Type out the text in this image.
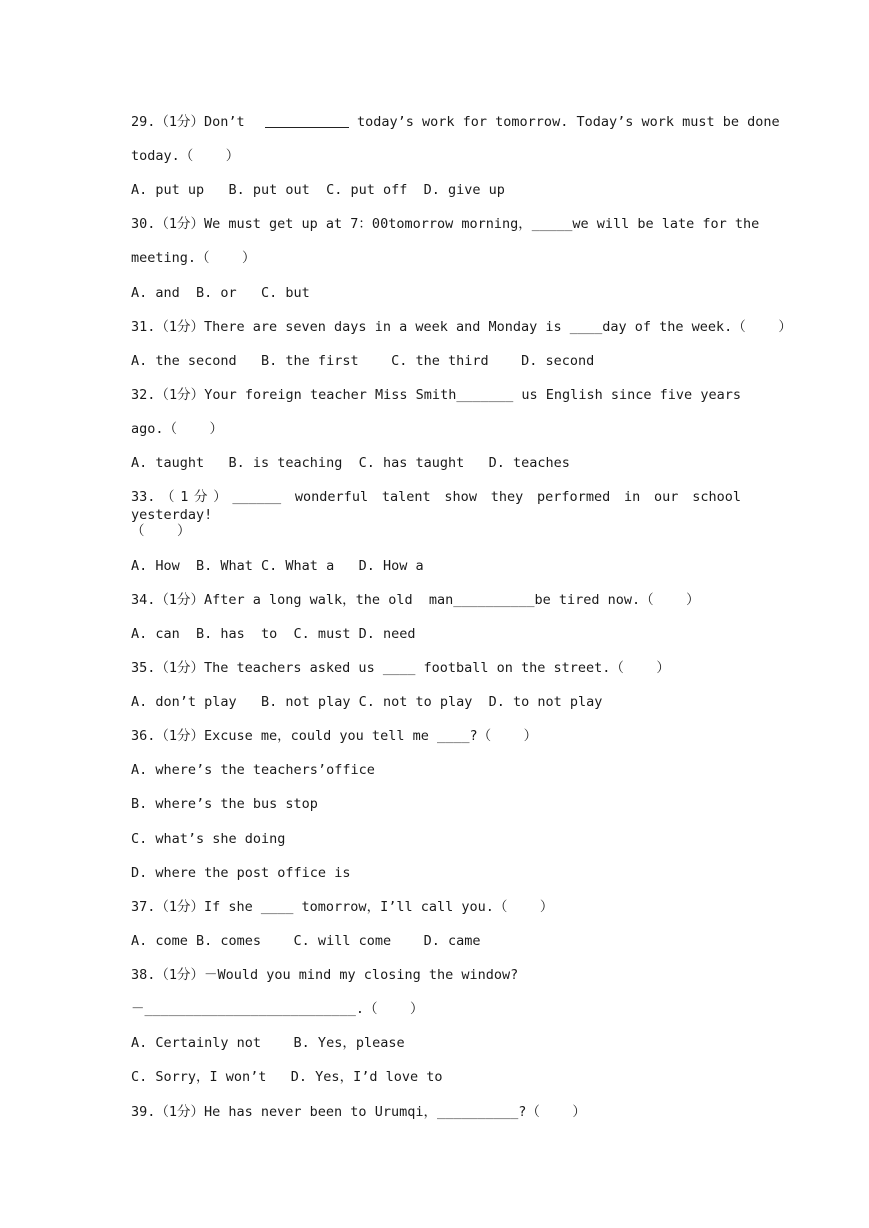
29.（1分）Don’t	today’s work for tomorrow. Today’s work must be done
today.（    ）
A. put up   B. put out  C. put off  D. give up
30.（1分）We must get up at 7：00tomorrow morning，_____we will be late for the
meeting.（    ）
A. and  B. or   C. but
31.（1分）There are seven days in a week and Monday is ____day of the week.（    ）
A. the second   B. the first    C. the third    D. second
32.（1分）Your foreign teacher Miss Smith_______ us English since five years
ago.（    ）
A. taught   B. is teaching  C. has taught   D. teaches
33.（1分）______ wonderful talent show they performed in our school yesterday!
（    ）
A. How  B. What C. What a   D. How a
34.（1分）After a long walk，the old  man__________be tired now.（    ）
A. can  B. has  to  C. must D. need
35.（1分）The teachers asked us ____ football on the street.（    ）
A. don’t play   B. not play C. not to play  D. to not play
36.（1分）Excuse me，could you tell me ____?（    ）
A. where’s the teachers’office
B. where’s the bus stop
C. what’s she doing
D. where the post office is
37.（1分）If she ____ tomorrow，I’ll call you.（    ）
A. come B. comes    C. will come    D. came
38.（1分）－Would you mind my closing the window?
－__________________________.（    ）
A. Certainly not    B. Yes，please
C. Sorry，I won’t   D. Yes，I’d love to
39.（1分）He has never been to Urumqi，__________?（    ）
